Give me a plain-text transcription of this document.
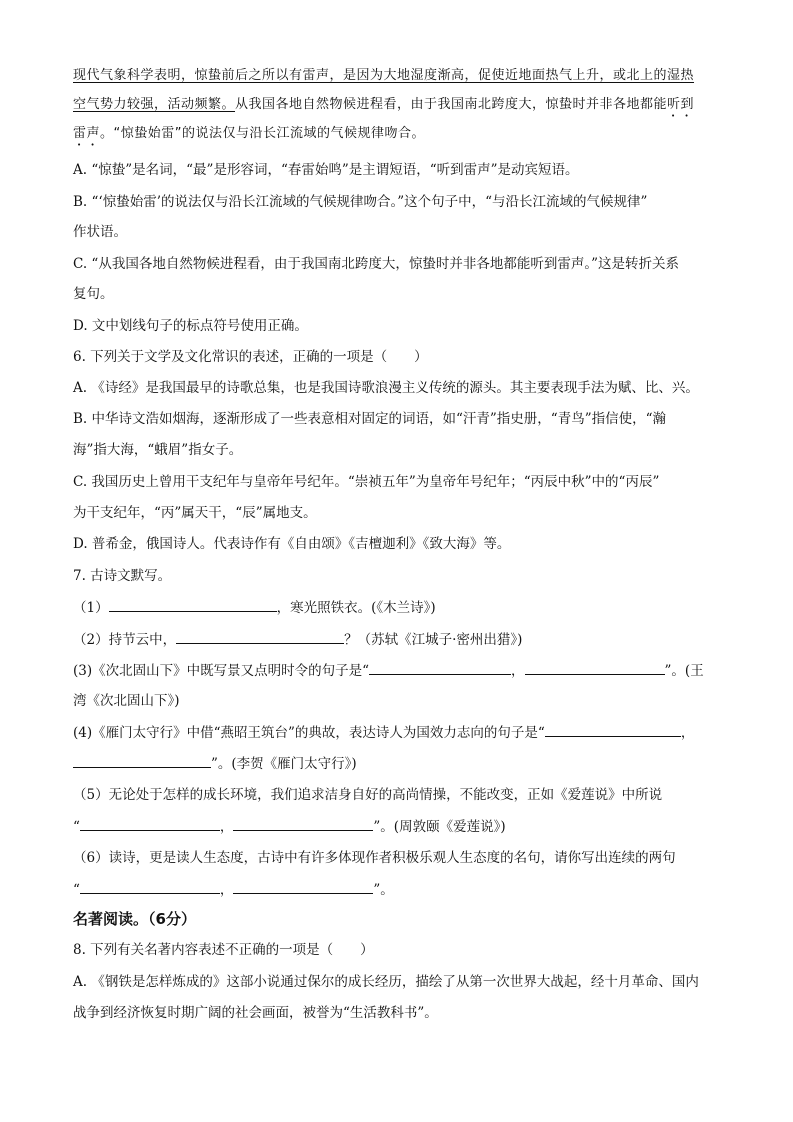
现代气象科学表明，惊蛰前后之所以有雷声，是因为大地湿度渐高，促使近地面热气上升，或北上的湿热
空气势力较强，活动频繁。从我国各地自然物候进程看，由于我国南北跨度大，惊蛰时并非各地都能听到
雷声。“惊蛰始雷”的说法仅与沿长江流域的气候规律吻合。
A. “惊蛰”是名词，“最”是形容词，“春雷始鸣”是主谓短语，“听到雷声”是动宾短语。
B. “‘惊蛰始雷’的说法仅与沿长江流域的气候规律吻合。”这个句子中，“与沿长江流域的气候规律”
作状语。
C. “从我国各地自然物候进程看，由于我国南北跨度大，惊蛰时并非各地都能听到雷声。”这是转折关系
复句。
D. 文中划线句子的标点符号使用正确。
6. 下列关于文学及文化常识的表述，正确的一项是（　　）
A. 《诗经》是我国最早的诗歌总集，也是我国诗歌浪漫主义传统的源头。其主要表现手法为赋、比、兴。
B. 中华诗文浩如烟海，逐渐形成了一些表意相对固定的词语，如“汗青”指史册，“青鸟”指信使，“瀚
海”指大海，“蛾眉”指女子。
C. 我国历史上曾用干支纪年与皇帝年号纪年。“崇祯五年”为皇帝年号纪年；“丙辰中秋”中的“丙辰”
为干支纪年，“丙”属天干，“辰”属地支。
D. 普希金，俄国诗人。代表诗作有《自由颂》《吉檀迦利》《致大海》等。
7. 古诗文默写。
（1）	，寒光照铁衣。(《木兰诗》)
（2）持节云中，	？（苏轼《江城子·密州出猎》)
(3)《次北固山下》中既写景又点明时令的句子是“	，	”。(王
湾《次北固山下》)
(4)《雁门太守行》中借“燕昭王筑台”的典故，表达诗人为国效力志向的句子是“	，
”。(李贺《雁门太守行》)
（5）无论处于怎样的成长环境，我们追求洁身自好的高尚情操，不能改变，正如《爱莲说》中所说
“	，	”。(周敦颐《爱莲说》)
（6）读诗，更是读人生态度，古诗中有许多体现作者积极乐观人生态度的名句，请你写出连续的两句
“	，	”。
名著阅读。（6分）
8. 下列有关名著内容表述不正确的一项是（　　）
A. 《钢铁是怎样炼成的》这部小说通过保尔的成长经历，描绘了从第一次世界大战起，经十月革命、国内
战争到经济恢复时期广阔的社会画面，被誉为“生活教科书”。
